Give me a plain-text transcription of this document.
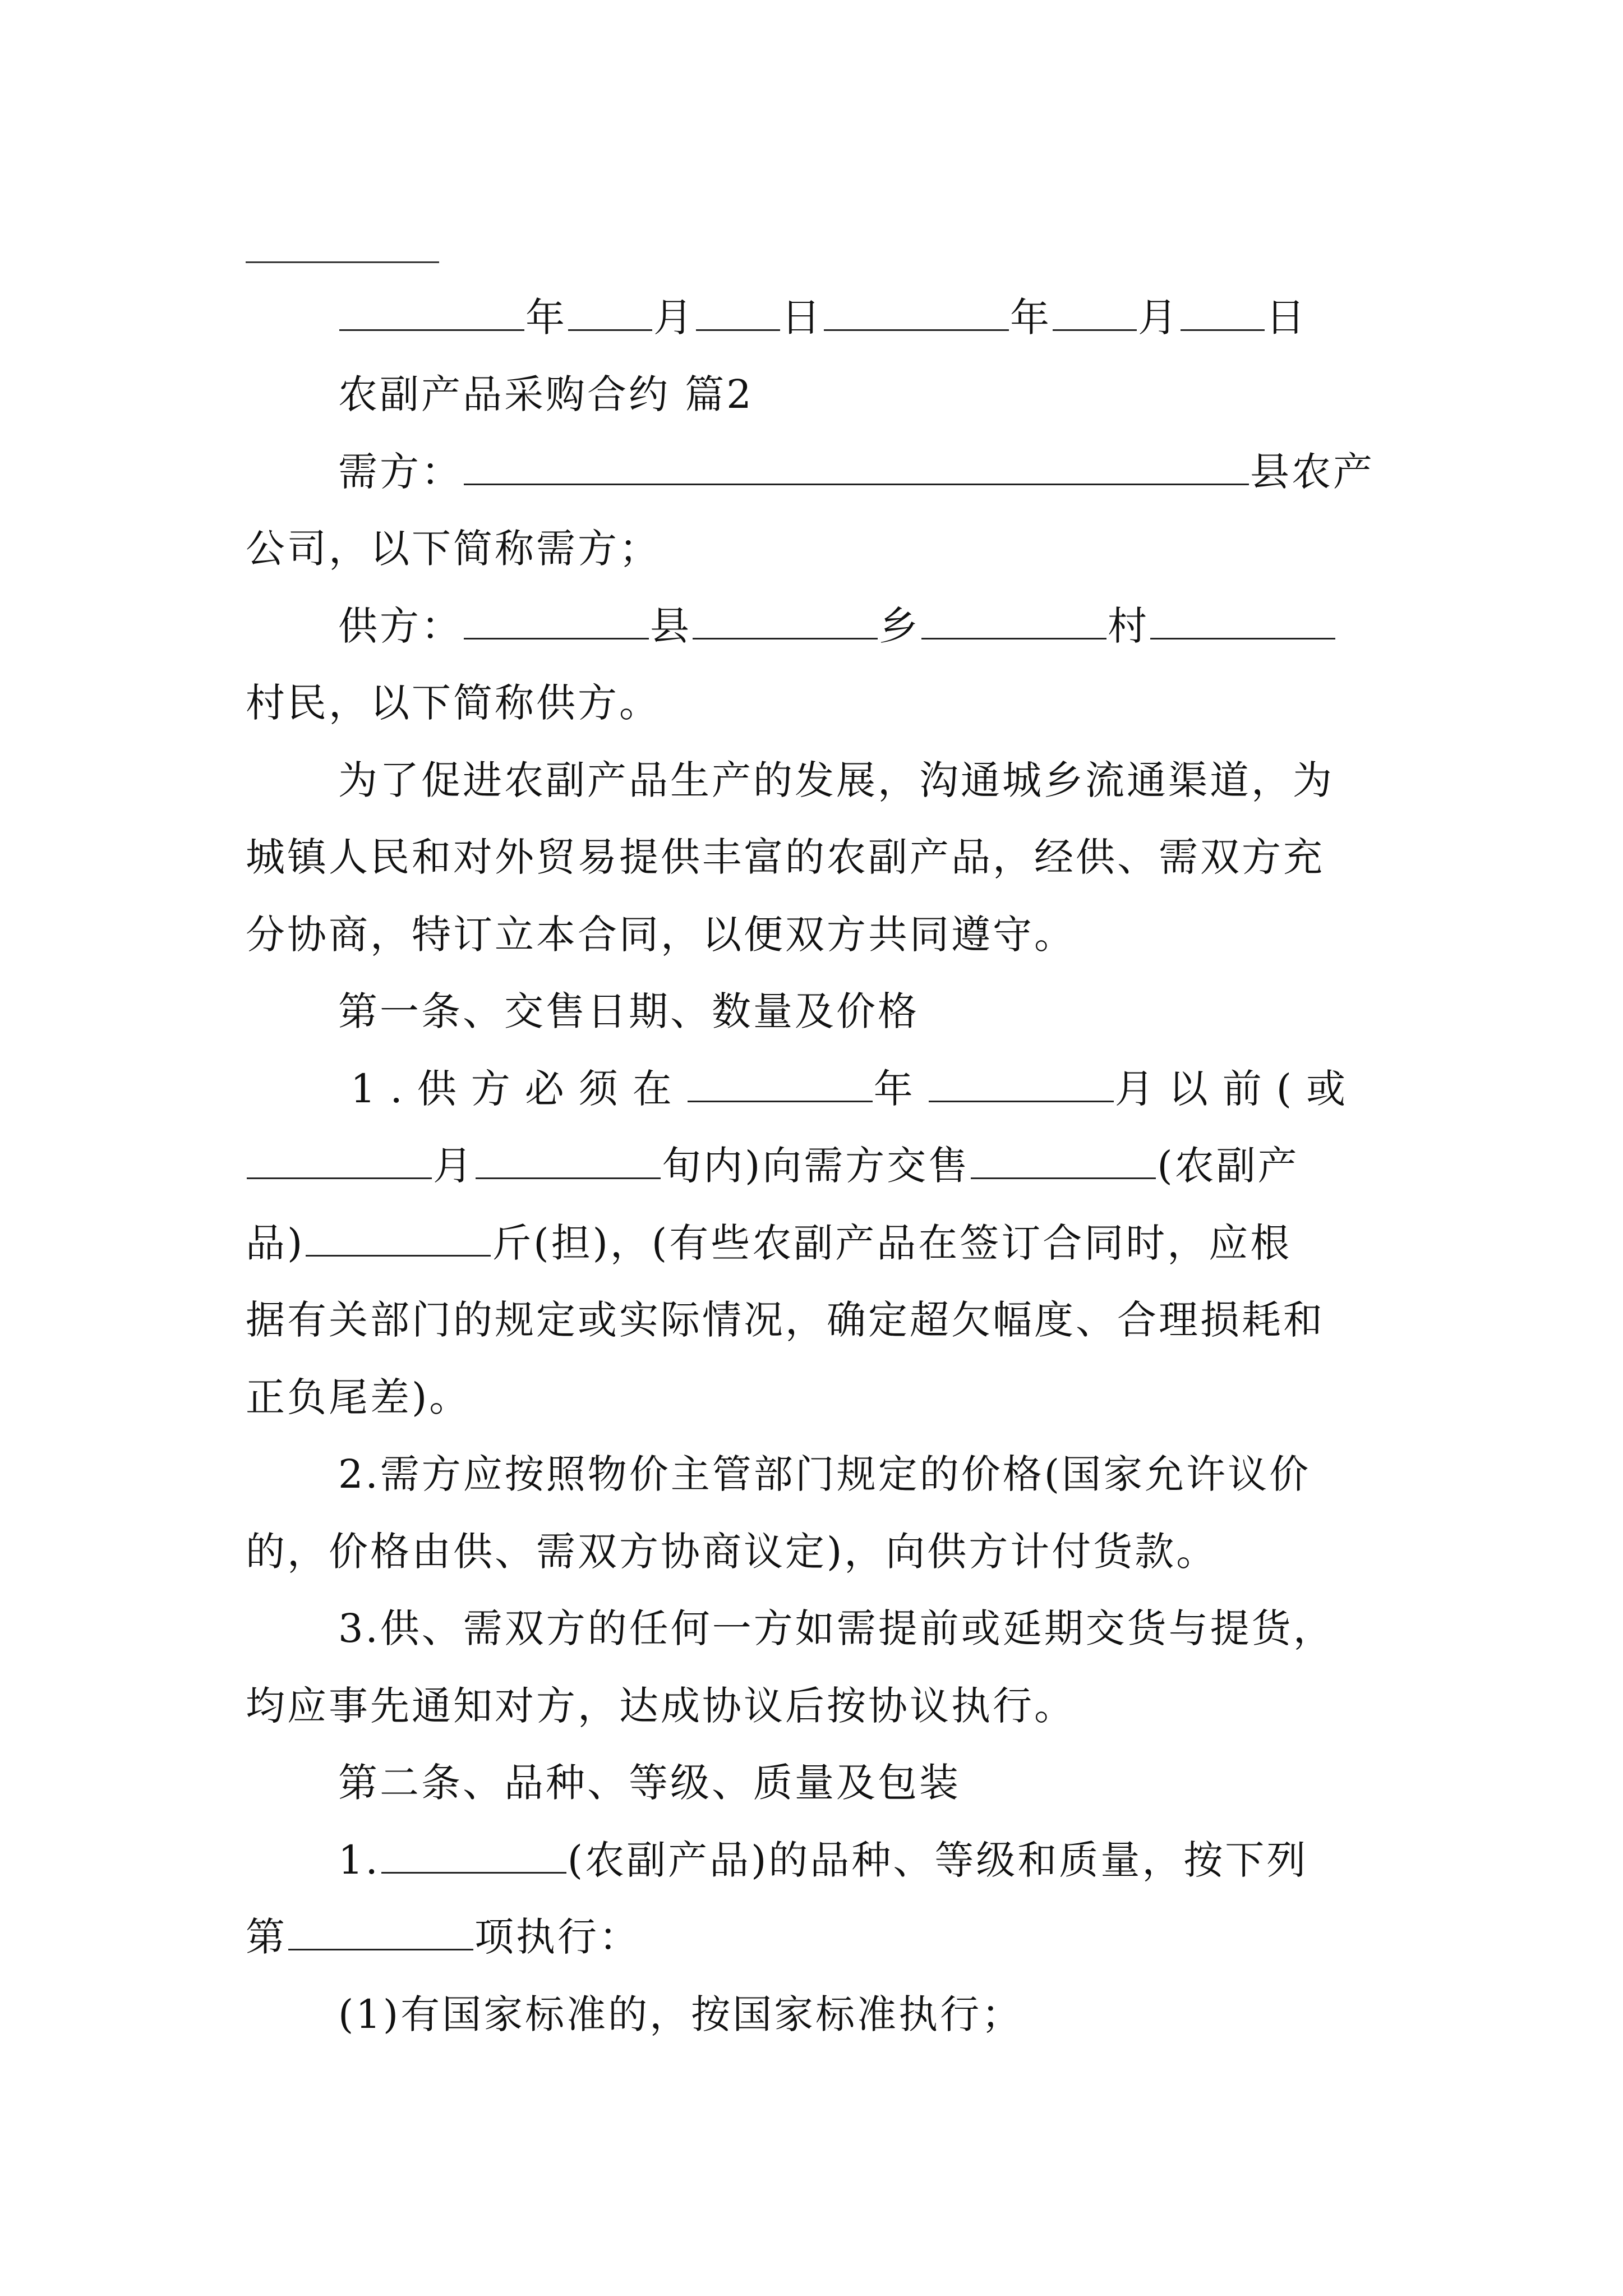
年 月 日	年 月 日
农副产品采购合约 篇2
需方：	县农产
公司，以下简称需方；
供方：	县	乡	村
村民，以下简称供方。
为了促进农副产品生产的发展，沟通城乡流通渠道，为
城镇人民和对外贸易提供丰富的农副产品，经供、需双方充
分协商，特订立本合同，以便双方共同遵守。
第一条、交售日期、数量及价格
1.供方必须在	年	月以前(或
月	旬内)向需方交售	(农副产
品)	斤(担)，(有些农副产品在签订合同时，应根
据有关部门的规定或实际情况，确定超欠幅度、合理损耗和
正负尾差)。
2.需方应按照物价主管部门规定的价格(国家允许议价
的，价格由供、需双方协商议定)，向供方计付货款。
3.供、需双方的任何一方如需提前或延期交货与提货，
均应事先通知对方，达成协议后按协议执行。
第二条、品种、等级、质量及包装
1.	(农副产品)的品种、等级和质量，按下列
第	项执行：
(1)有国家标准的，按国家标准执行；
